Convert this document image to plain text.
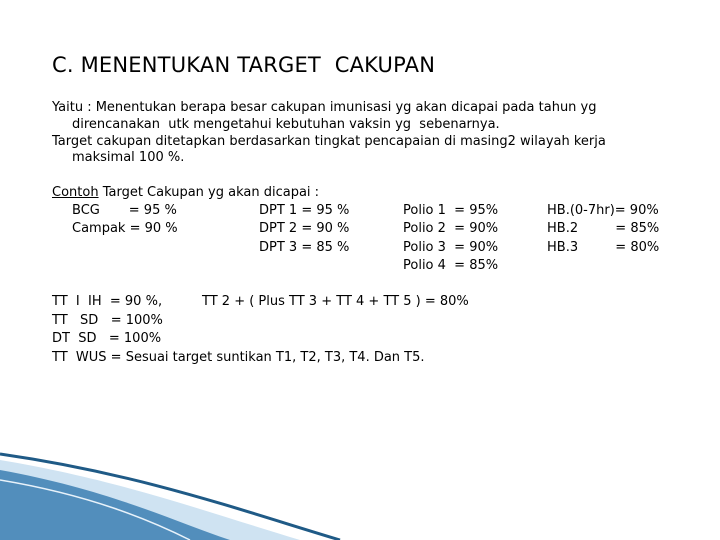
C. MENENTUKAN TARGET  CAKUPAN
Yaitu : Menentukan berapa besar cakupan imunisasi yg akan dicapai pada tahun yg
direncanakan  utk mengetahui kebutuhan vaksin yg  sebenarnya.
Target cakupan ditetapkan berdasarkan tingkat pencapaian di masing2 wilayah kerja
maksimal 100 %.
Contoh Target Cakupan yg akan dicapai :
BCG       = 95 %
Campak = 90 %
DPT 1 = 95 %
DPT 2 = 90 %
DPT 3 = 85 %
Polio 1  = 95%
Polio 2  = 90%
Polio 3  = 90%
Polio 4  = 85%
HB.(0-7hr)= 90%
HB.2         = 85%
HB.3         = 80%
TT  I  IH  = 90 %,	TT 2 + ( Plus TT 3 + TT 4 + TT 5 ) = 80%
TT   SD   = 100%
DT  SD   = 100%
TT  WUS = Sesuai target suntikan T1, T2, T3, T4. Dan T5.
